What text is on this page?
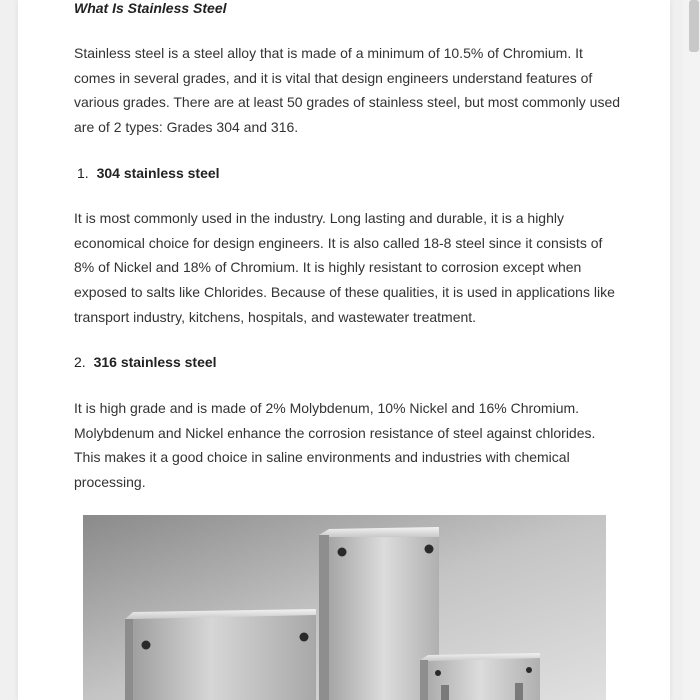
What Is Stainless Steel

Stainless steel is a steel alloy that is made of a minimum of 10.5% of Chromium. It comes in several grades, and it is vital that design engineers understand features of various grades. There are at least 50 grades of stainless steel, but most commonly used are of 2 types: Grades 304 and 316.

1. 304 stainless steel

It is most commonly used in the industry. Long lasting and durable, it is a highly economical choice for design engineers. It is also called 18-8 steel since it consists of 8% of Nickel and 18% of Chromium. It is highly resistant to corrosion except when exposed to salts like Chlorides. Because of these qualities, it is used in applications like transport industry, kitchens, hospitals, and wastewater treatment.

2. 316 stainless steel

It is high grade and is made of 2% Molybdenum, 10% Nickel and 16% Chromium. Molybdenum and Nickel enhance the corrosion resistance of steel against chlorides. This makes it a good choice in saline environments and industries with chemical processing.
